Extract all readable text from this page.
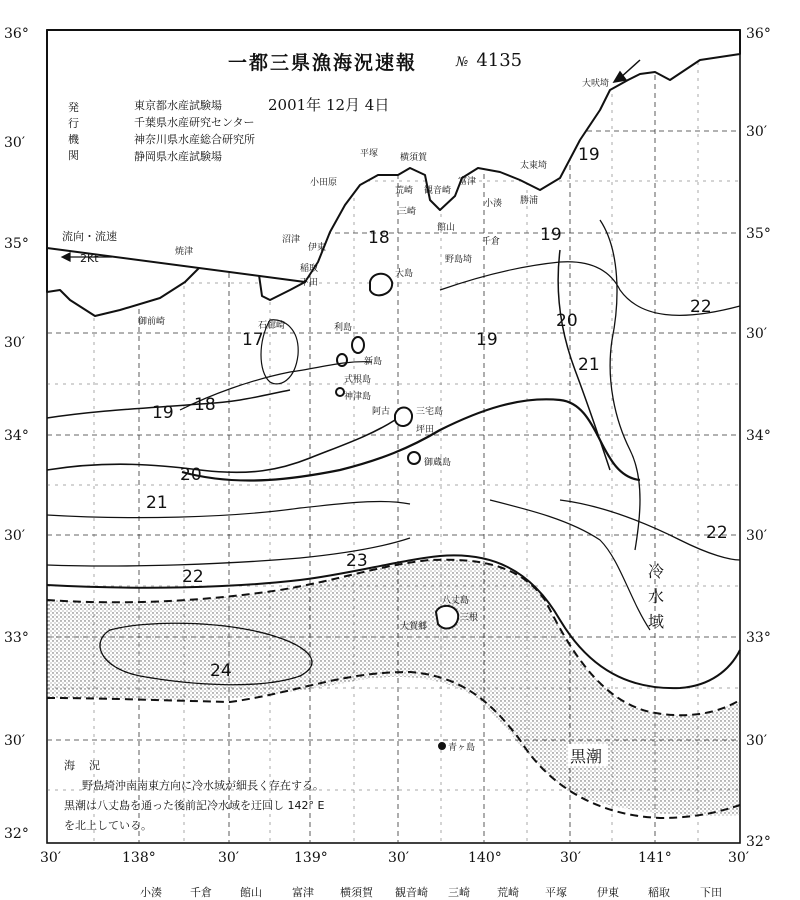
17
18
18
19
19
19
19
20
20
21
21
22
22
22
23
24
冷
水
域
黒潮
大吠埼
太東埼
勝浦
小湊
千倉
館山
野島埼
富津
観音崎
横須賀
平塚
荒崎
三崎
小田原
沼津
伊東
稲取
下田
石廊崎
焼津
御前崎
大島
利島
新島
式根島
神津島
三宅島
阿古
坪田
御蔵島
八丈島
大賀郷
三根
青ヶ島
36°
30′
35°
30′
34°
30′
33°
30′
32°
36°
30′
35°
30′
34°
30′
33°
30′
32°
30′	138°	30′	139°	30′	140°	30′	141°	30′
一都三県漁海況速報	№ 4135
発行機関
東京都水産試験場
千葉県水産研究センター
神奈川県水産総合研究所
静岡県水産試験場
2001年 12月 4日
流向・流速
2Kt
海況
野島埼沖南南東方向に冷水域が細長く存在する。
黒潮は八丈島を通った後前記冷水域を迂回し 142° E
を北上している。
小湊	千倉	館山	富津 横須賀 観音崎 三崎 荒崎 平塚	伊東	稲取	下田
